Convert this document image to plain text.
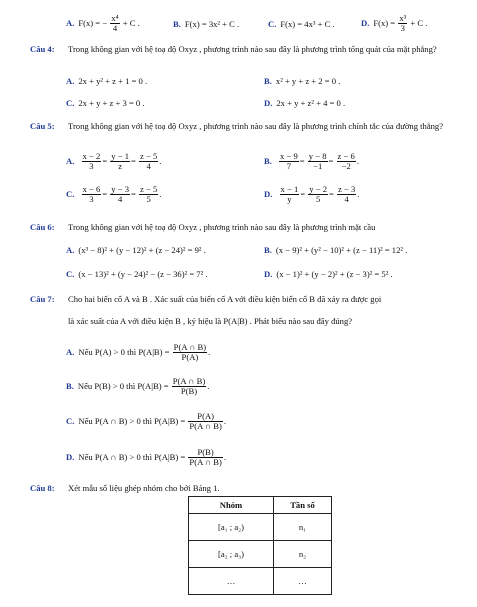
A. F(x) = − $\frac{\text{x⁴}}{4} + C$ .	B. F(x) = 3x² + C .	C. F(x) = 4x³ + C .	D. $F(x) = \frac{\text{x³}}{3} + C$ .
Câu 4:	Trong không gian với hệ toạ độ Oxyz , phương trình nào sau đây là phương trình tổng quát của mặt phẳng?
A. 2x + y² + z + 1 = 0 .	B. x² + y + z + 2 = 0 .
C. 2x + y + z + 3 = 0 .	D. 2x + y + z² + 4 = 0 .
Câu 5:	Trong không gian với hệ toạ độ Oxyz , phương trình nào sau đây là phương trình chính tắc của đường thẳng?
A. $\frac{x - 2}{3} = \frac{y - 1}{z} = \frac{z - 5}{4}$ .	B. $\frac{x - 9}{7} = \frac{y - 8}{-1} = \frac{z - 6}{-2}$ .
C. $\frac{x - 6}{3} = \frac{y - 3}{4} = \frac{z - 5}{5}$ .	D. $\frac{x - 1}{y} = \frac{y - 2}{5} = \frac{z - 3}{4}$ .
Câu 6:	Trong không gian với hệ toạ độ Oxyz , phương trình nào sau đây là phương trình mặt cầu
A. (x³ − 8)² + (y − 12)² + (z − 24)² = 9² .	B. (x − 9)² + (y² − 10)² + (z − 11)² = 12² .
C. (x − 13)² + (y − 24)² − (z − 36)² = 7² .	D. (x − 1)² + (y − 2)² + (z − 3)² = 5² .
Câu 7:	Cho hai biến cố A và B . Xác suất của biến cố A với điều kiện biến cố B đã xảy ra được gọi
là xác suất của A với điều kiện B , ký hiệu là P(A|B) . Phát biểu nào sau đây đúng?
A. Nếu P(A) > 0 thì $P(A|B) = \frac{P(A \cap B)}{P(A)}$ .
B. Nếu P(B) > 0 thì $P(A|B) = \frac{P(A \cap B)}{P(B)}$ .
C. Nếu P(A ∩ B) > 0 thì $P(A|B) = \frac{P(A)}{P(A \cap B)}$ .
D. Nếu P(A ∩ B) > 0 thì $P(A|B) = \frac{P(B)}{P(A \cap B)}$ .
Câu 8:	Xét mẫu số liệu ghép nhóm cho bởi Bảng 1.
Nhóm	Tần số
[a₁ ; a₂)	n₁
[a₂ ; a₃)	n₂
…	…
